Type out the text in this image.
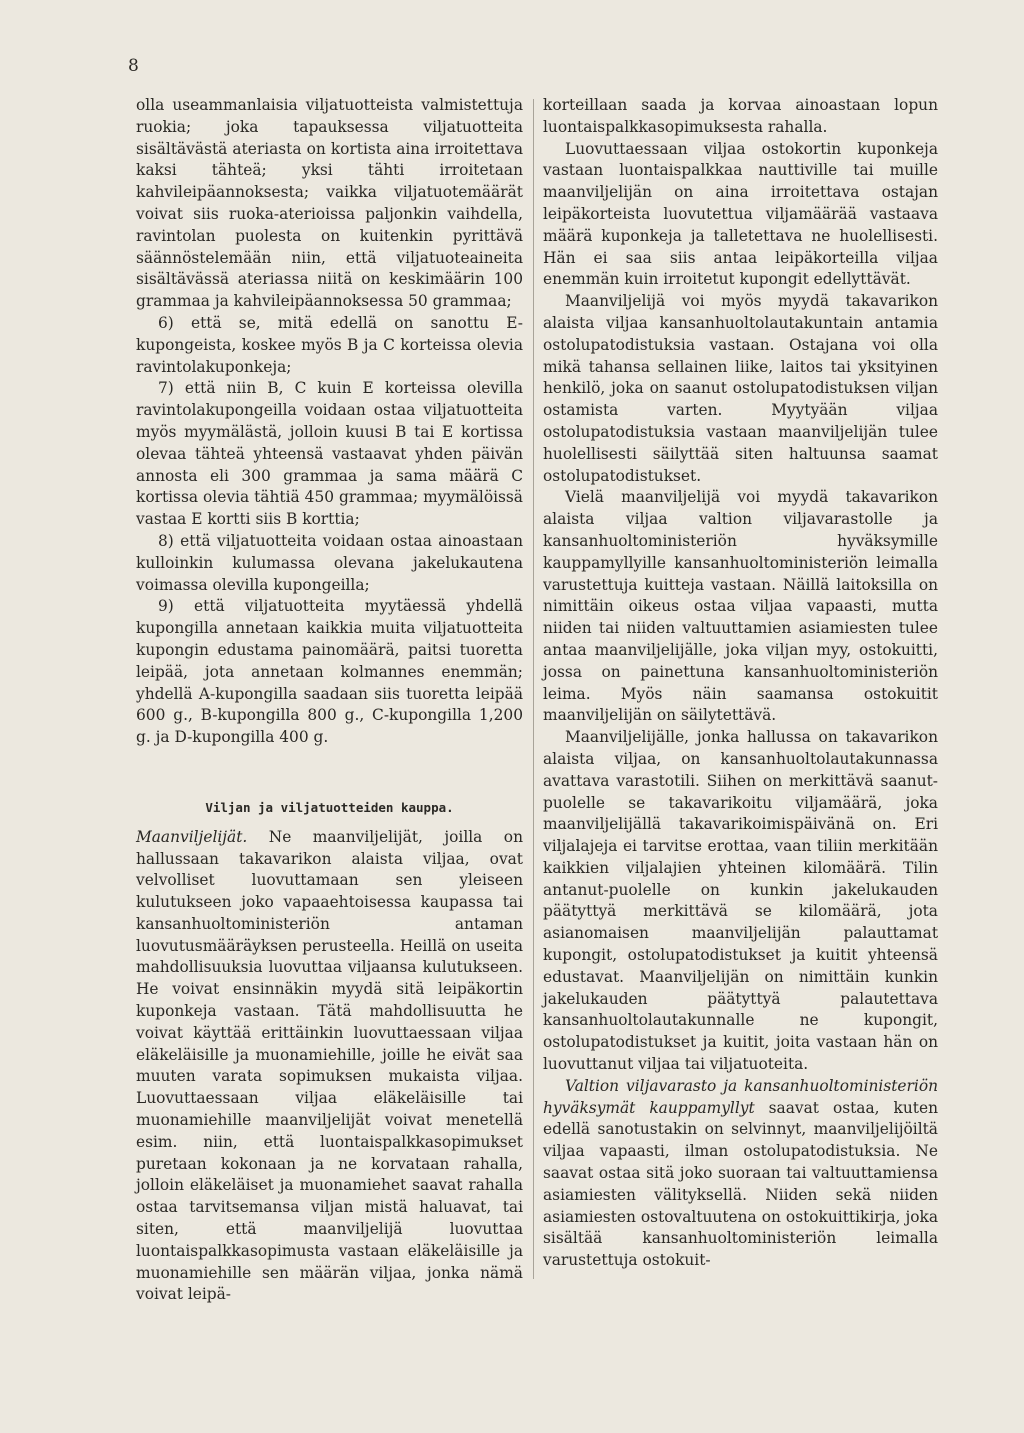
8

olla useammanlaisia viljatuotteista valmistettuja ruokia; joka tapauksessa viljatuotteita sisältävästä ateriasta on kortista aina irroitettava kaksi tähteä; yksi tähti irroitetaan kahvileipäannoksesta; vaikka viljatuotemäärät voivat siis ruoka-aterioissa paljonkin vaihdella, ravintolan puolesta on kuitenkin pyrittävä säännöstelemään niin, että viljatuoteaineita sisältävässä ateriassa niitä on keskimäärin 100 grammaa ja kahvileipäannoksessa 50 grammaa;

6) että se, mitä edellä on sanottu E-kupongeista, koskee myös B ja C korteissa olevia ravintolakuponkeja;

7) että niin B, C kuin E korteissa olevilla ravintolakupongeilla voidaan ostaa viljatuotteita myös myymälästä, jolloin kuusi B tai E kortissa olevaa tähteä yhteensä vastaavat yhden päivän annosta eli 300 grammaa ja sama määrä C kortissa olevia tähtiä 450 grammaa; myymälöissä vastaa E kortti siis B korttia;

8) että viljatuotteita voidaan ostaa ainoastaan kulloinkin kulumassa olevana jakelukautena voimassa olevilla kupongeilla;

9) että viljatuotteita myytäessä yhdellä kupongilla annetaan kaikkia muita viljatuotteita kupongin edustama painomäärä, paitsi tuoretta leipää, jota annetaan kolmannes enemmän; yhdellä A-kupongilla saadaan siis tuoretta leipää 600 g., B-kupongilla 800 g., C-kupongilla 1,200 g. ja D-kupongilla 400 g.

Viljan ja viljatuotteiden kauppa.

Maanviljelijät. Ne maanviljelijät, joilla on hallussaan takavarikon alaista viljaa, ovat velvolliset luovuttamaan sen yleiseen kulutukseen joko vapaaehtoisessa kaupassa tai kansanhuoltoministeriön antaman luovutusmääräyksen perusteella. Heillä on useita mahdollisuuksia luovuttaa viljaansa kulutukseen. He voivat ensinnäkin myydä sitä leipäkortin kuponkeja vastaan. Tätä mahdollisuutta he voivat käyttää erittäinkin luovuttaessaan viljaa eläkeläisille ja muonamiehille, joille he eivät saa muuten varata sopimuksen mukaista viljaa. Luovuttaessaan viljaa eläkeläisille tai muonamiehille maanviljelijät voivat menetellä esim. niin, että luontaispalkkasopimukset puretaan kokonaan ja ne korvataan rahalla, jolloin eläkeläiset ja muonamiehet saavat rahalla ostaa tarvitsemansa viljan mistä haluavat, tai siten, että maanviljelijä luovuttaa luontaispalkkasopimusta vastaan eläkeläisille ja muonamiehille sen määrän viljaa, jonka nämä voivat leipä-

korteillaan saada ja korvaa ainoastaan lopun luontaispalkkasopimuksesta rahalla.

Luovuttaessaan viljaa ostokortin kuponkeja vastaan luontaispalkkaa nauttiville tai muille maanviljelijän on aina irroitettava ostajan leipäkorteista luovutettua viljamäärää vastaava määrä kuponkeja ja talletettava ne huolellisesti. Hän ei saa siis antaa leipäkorteilla viljaa enemmän kuin irroitetut kupongit edellyttävät.

Maanviljelijä voi myös myydä takavarikon alaista viljaa kansanhuoltolautakuntain antamia ostolupatodistuksia vastaan. Ostajana voi olla mikä tahansa sellainen liike, laitos tai yksityinen henkilö, joka on saanut ostolupatodistuksen viljan ostamista varten. Myytyään viljaa ostolupatodistuksia vastaan maanviljelijän tulee huolellisesti säilyttää siten haltuunsa saamat ostolupatodistukset.

Vielä maanviljelijä voi myydä takavarikon alaista viljaa valtion viljavarastolle ja kansanhuoltoministeriön hyväksymille kauppamyllyille kansanhuoltoministeriön leimalla varustettuja kuitteja vastaan. Näillä laitoksilla on nimittäin oikeus ostaa viljaa vapaasti, mutta niiden tai niiden valtuuttamien asiamiesten tulee antaa maanviljelijälle, joka viljan myy, ostokuitti, jossa on painettuna kansanhuoltoministeriön leima. Myös näin saamansa ostokuitit maanviljelijän on säilytettävä.

Maanviljelijälle, jonka hallussa on takavarikon alaista viljaa, on kansanhuoltolautakunnassa avattava varastotili. Siihen on merkittävä saanut-puolelle se takavarikoitu viljamäärä, joka maanviljelijällä takavarikoimispäivänä on. Eri viljalajeja ei tarvitse erottaa, vaan tiliin merkitään kaikkien viljalajien yhteinen kilomäärä. Tilin antanut-puolelle on kunkin jakelukauden päätyttyä merkittävä se kilomäärä, jota asianomaisen maanviljelijän palauttamat kupongit, ostolupatodistukset ja kuitit yhteensä edustavat. Maanviljelijän on nimittäin kunkin jakelukauden päätyttyä palautettava kansanhuoltolautakunnalle ne kupongit, ostolupatodistukset ja kuitit, joita vastaan hän on luovuttanut viljaa tai viljatuoteita.

Valtion viljavarasto ja kansanhuoltoministeriön hyväksymät kauppamyllyt saavat ostaa, kuten edellä sanotustakin on selvinnyt, maanviljelijöiltä viljaa vapaasti, ilman ostolupatodistuksia. Ne saavat ostaa sitä joko suoraan tai valtuuttamiensa asiamiesten välityksellä. Niiden sekä niiden asiamiesten ostovaltuutena on ostokuittikirja, joka sisältää kansanhuoltoministeriön leimalla varustettuja ostokuit-
